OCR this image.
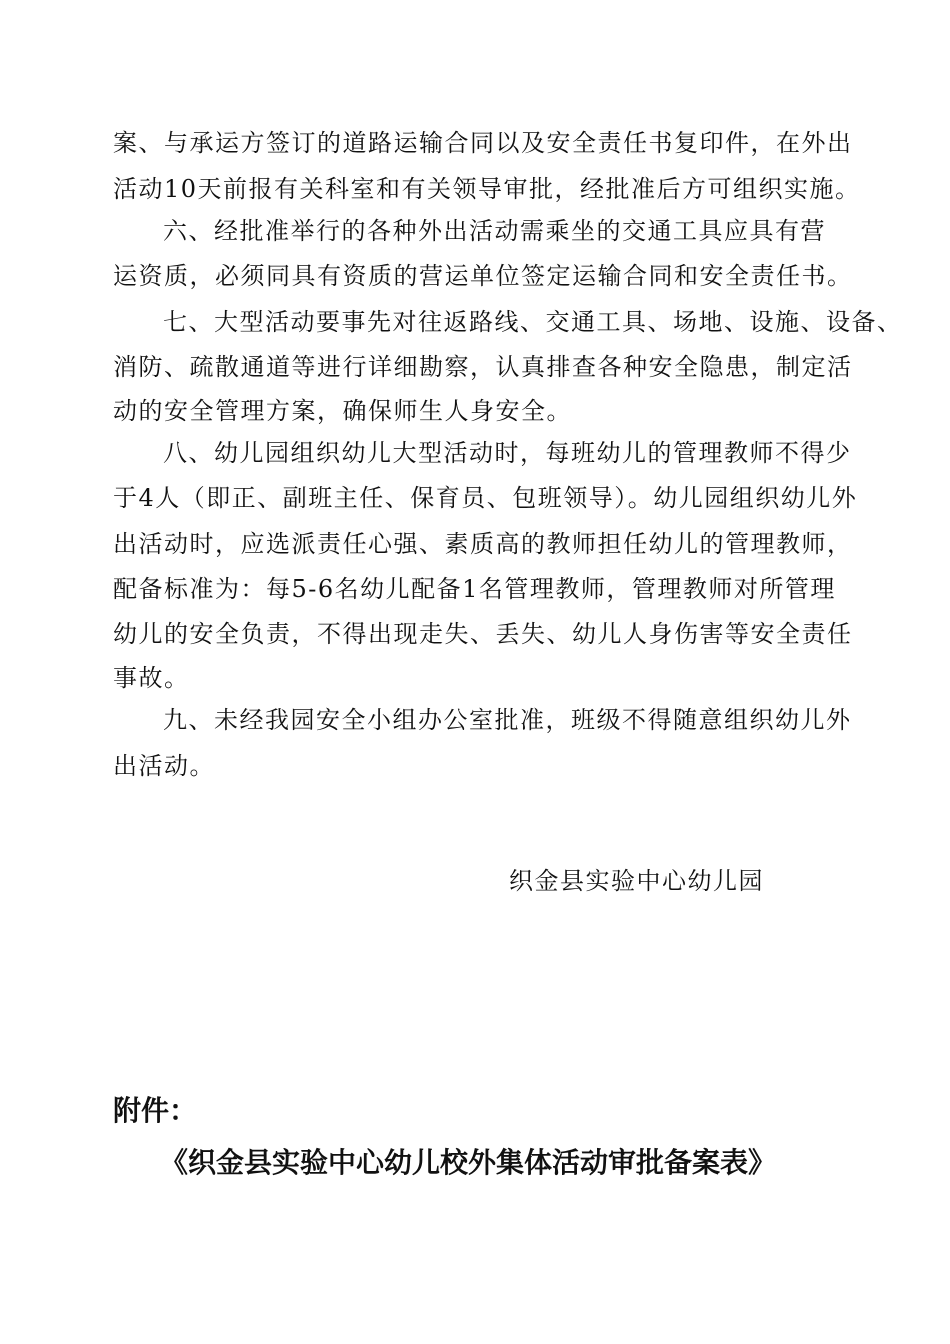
案、与承运方签订的道路运输合同以及安全责任书复印件，在外出
活动10天前报有关科室和有关领导审批，经批准后方可组织实施。
六、经批准举行的各种外出活动需乘坐的交通工具应具有营
运资质，必须同具有资质的营运单位签定运输合同和安全责任书。
七、大型活动要事先对往返路线、交通工具、场地、设施、设备、
消防、疏散通道等进行详细勘察，认真排查各种安全隐患，制定活
动的安全管理方案，确保师生人身安全。
八、幼儿园组织幼儿大型活动时，每班幼儿的管理教师不得少
于4人（即正、副班主任、保育员、包班领导）。幼儿园组织幼儿外
出活动时，应选派责任心强、素质高的教师担任幼儿的管理教师，
配备标准为：每5-6名幼儿配备1名管理教师，管理教师对所管理
幼儿的安全负责，不得出现走失、丢失、幼儿人身伤害等安全责任
事故。
九、未经我园安全小组办公室批准，班级不得随意组织幼儿外
出活动。
织金县实验中心幼儿园
附件：
《织金县实验中心幼儿校外集体活动审批备案表》
